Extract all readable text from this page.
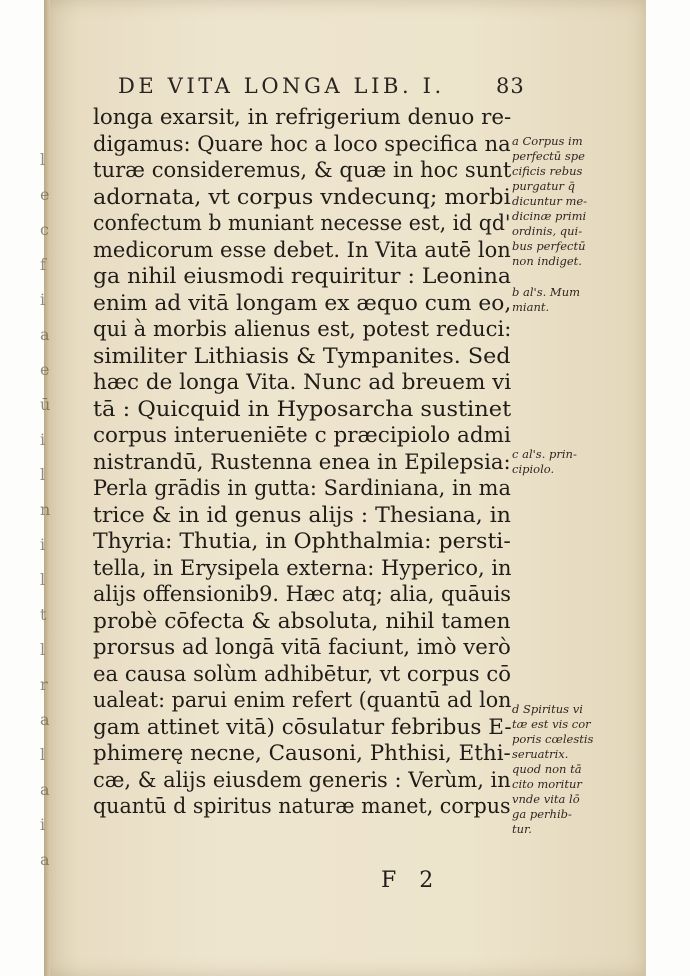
l
e
c
f
i
a
e
ū
i
l
n
i
l
t
l
r
a
l
a
i
a
DE VITA LONGA LIB. I. 83
longa exarsit, in refrigerium denuo re-
digamus: Quare hoc a loco specifica na
turæ consideremus, & quæ in hoc sunt
adornata, vt corpus vndecunq; morbi
confectum b muniant necesse est, id qd'
medicorum esse debet. In Vita autē lon
ga nihil eiusmodi requiritur : Leonina
enim ad vitā longam ex æquo cum eo,
qui à morbis alienus est, potest reduci:
similiter Lithiasis & Tympanites. Sed
hæc de longa Vita. Nunc ad breuem vi
tā : Quicquid in Hyposarcha sustinet
corpus interueniēte c præcipiolo admi
nistrandū, Rustenna enea in Epilepsia:
Perla grādis in gutta: Sardiniana, in ma
trice & in id genus alijs : Thesiana, in
Thyria: Thutia, in Ophthalmia: persti-
tella, in Erysipela externa: Hyperico, in
alijs offensionib9. Hæc atq; alia, quāuis
probè cōfecta & absoluta, nihil tamen
prorsus ad longā vitā faciunt, imò verò
ea causa solùm adhibētur, vt corpus cō
ualeat: parui enim refert (quantū ad lon
gam attinet vitā) cōsulatur febribus E-
phimerę necne, Causoni, Phthisi, Ethi-
cæ, & alijs eiusdem generis : Verùm, in
quantū d spiritus naturæ manet, corpus
a Corpus im
perfectū spe
cificis rebus
purgatur q̄
dicuntur me-
dicinæ primi
ordinis, qui-
bus perfectū
non indiget.
b al's. Mum
miant.
c al's. prin-
cipiolo.
d Spiritus vi
tæ est vis cor
poris cœlestis
seruatrix.
quod non tā
cito moritur
vnde vita lō
ga perhib-
tur.
F 2
